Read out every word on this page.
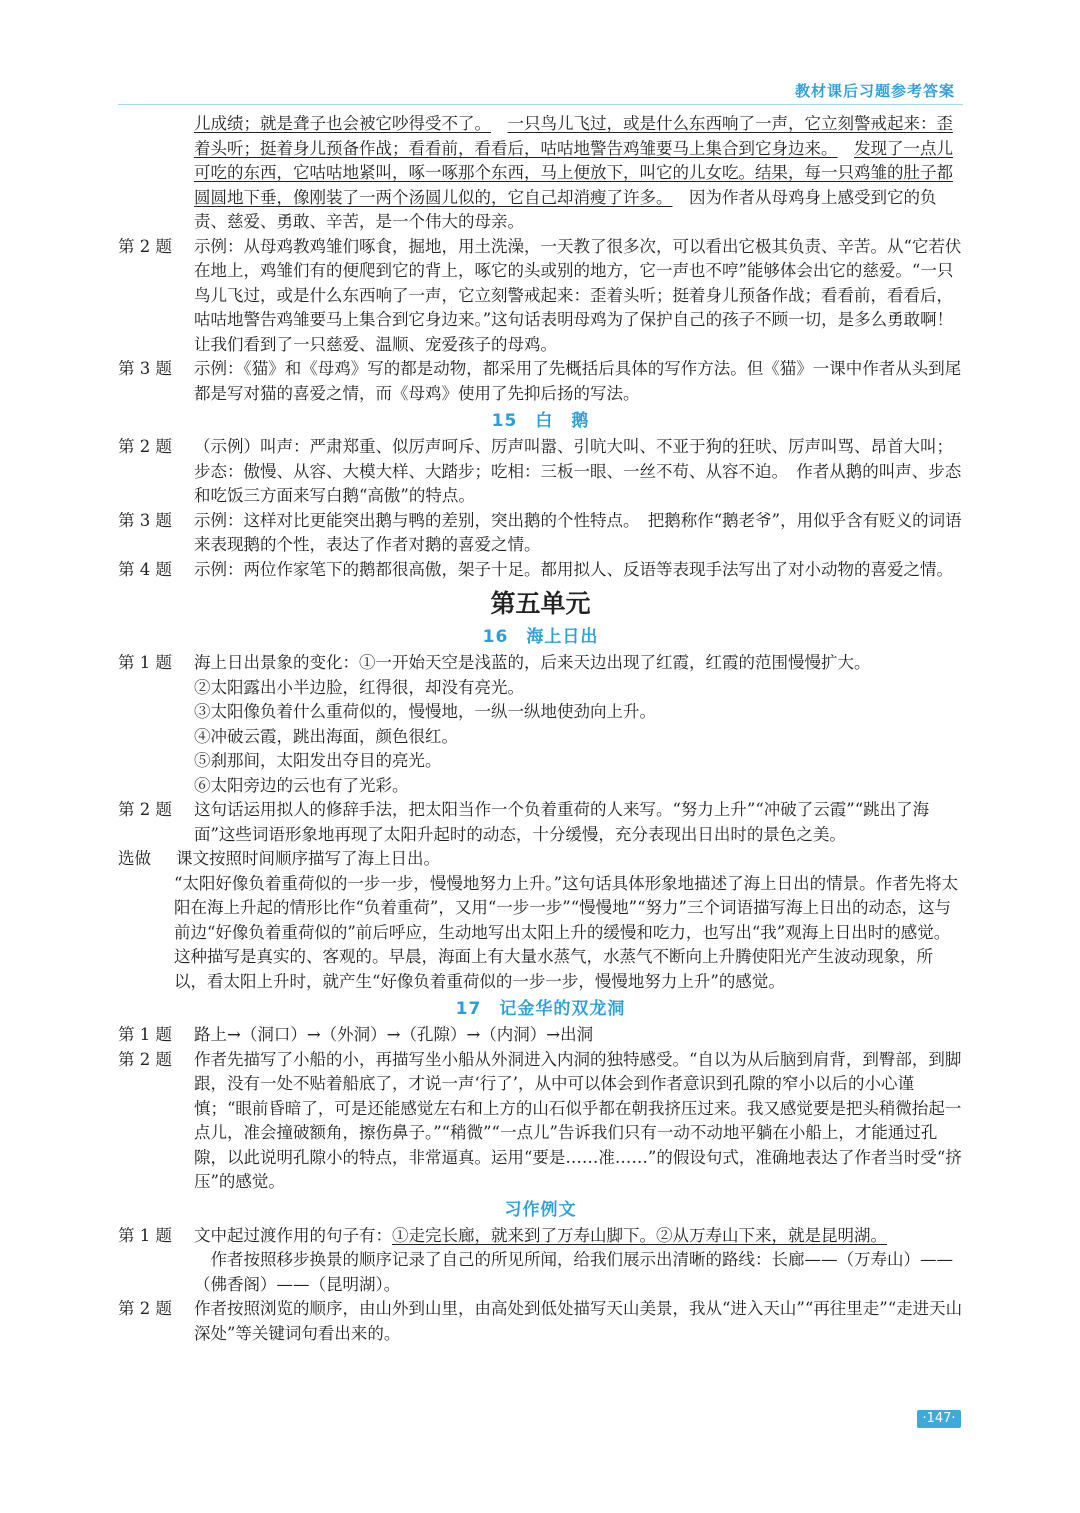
教材课后习题参考答案
儿成绩；就是聋子也会被它吵得受不了。  一只鸟儿飞过，或是什么东西响了一声，它立刻警戒起来：歪着头听；挺着身儿预备作战；看看前，看看后，咕咕地警告鸡雏要马上集合到它身边来。  发现了一点儿可吃的东西，它咕咕地紧叫，啄一啄那个东西，马上便放下，叫它的儿女吃。结果，每一只鸡雏的肚子都圆圆地下垂，像刚装了一两个汤圆儿似的，它自己却消瘦了许多。  因为作者从母鸡身上感受到它的负责、慈爱、勇敢、辛苦，是一个伟大的母亲。
第 2 题	示例：从母鸡教鸡雏们啄食，掘地，用土洗澡，一天教了很多次，可以看出它极其负责、辛苦。从“它若伏在地上，鸡雏们有的便爬到它的背上，啄它的头或别的地方，它一声也不哼”能够体会出它的慈爱。“一只鸟儿飞过，或是什么东西响了一声，它立刻警戒起来：歪着头听；挺着身儿预备作战；看看前，看看后，咕咕地警告鸡雏要马上集合到它身边来。”这句话表明母鸡为了保护自己的孩子不顾一切，是多么勇敢啊！让我们看到了一只慈爱、温顺、宠爱孩子的母鸡。
第 3 题	示例：《猫》和《母鸡》写的都是动物，都采用了先概括后具体的写作方法。但《猫》一课中作者从头到尾都是写对猫的喜爱之情，而《母鸡》使用了先抑后扬的写法。
15　白　鹅
第 2 题	（示例）叫声：严肃郑重、似厉声呵斥、厉声叫嚣、引吭大叫、不亚于狗的狂吠、厉声叫骂、昂首大叫；步态：傲慢、从容、大模大样、大踏步；吃相：三板一眼、一丝不苟、从容不迫。　作者从鹅的叫声、步态和吃饭三方面来写白鹅“高傲”的特点。
第 3 题	示例：这样对比更能突出鹅与鸭的差别，突出鹅的个性特点。　把鹅称作“鹅老爷”，用似乎含有贬义的词语来表现鹅的个性，表达了作者对鹅的喜爱之情。
第 4 题	示例：两位作家笔下的鹅都很高傲，架子十足。都用拟人、反语等表现手法写出了对小动物的喜爱之情。
第五单元
16　海上日出
第 1 题	海上日出景象的变化：①一开始天空是浅蓝的，后来天边出现了红霞，红霞的范围慢慢扩大。
②太阳露出小半边脸，红得很，却没有亮光。
③太阳像负着什么重荷似的，慢慢地，一纵一纵地使劲向上升。
④冲破云霞，跳出海面，颜色很红。
⑤刹那间，太阳发出夺目的亮光。
⑥太阳旁边的云也有了光彩。
第 2 题	这句话运用拟人的修辞手法，把太阳当作一个负着重荷的人来写。“努力上升”“冲破了云霞”“跳出了海面”这些词语形象地再现了太阳升起时的动态，十分缓慢，充分表现出日出时的景色之美。
选做	课文按照时间顺序描写了海上日出。
“太阳好像负着重荷似的一步一步，慢慢地努力上升。”这句话具体形象地描述了海上日出的情景。作者先将太阳在海上升起的情形比作“负着重荷”，又用“一步一步”“慢慢地”“努力”三个词语描写海上日出的动态，这与前边“好像负着重荷似的”前后呼应，生动地写出太阳上升的缓慢和吃力，也写出“我”观海上日出时的感觉。这种描写是真实的、客观的。早晨，海面上有大量水蒸气，水蒸气不断向上升腾使阳光产生波动现象，所以，看太阳上升时，就产生“好像负着重荷似的一步一步，慢慢地努力上升”的感觉。
17　记金华的双龙洞
第 1 题	路上→（洞口）→（外洞）→（孔隙）→（内洞）→出洞
第 2 题	作者先描写了小船的小，再描写坐小船从外洞进入内洞的独特感受。“自以为从后脑到肩背，到臀部，到脚跟，没有一处不贴着船底了，才说一声‘行了’，从中可以体会到作者意识到孔隙的窄小以后的小心谨慎；“眼前昏暗了，可是还能感觉左右和上方的山石似乎都在朝我挤压过来。我又感觉要是把头稍微抬起一点儿，准会撞破额角，擦伤鼻子。”“稍微”“一点儿”告诉我们只有一动不动地平躺在小船上，才能通过孔隙，以此说明孔隙小的特点，非常逼真。运用“要是……准……”的假设句式，准确地表达了作者当时受“挤压”的感觉。
习作例文
第 1 题	文中起过渡作用的句子有：①走完长廊，就来到了万寿山脚下。②从万寿山下来，就是昆明湖。
作者按照移步换景的顺序记录了自己的所见所闻，给我们展示出清晰的路线：长廊——（万寿山）——（佛香阁）——（昆明湖）。
第 2 题	作者按照浏览的顺序，由山外到山里，由高处到低处描写天山美景，我从“进入天山”“再往里走”“走进天山深处”等关键词句看出来的。
·147·
